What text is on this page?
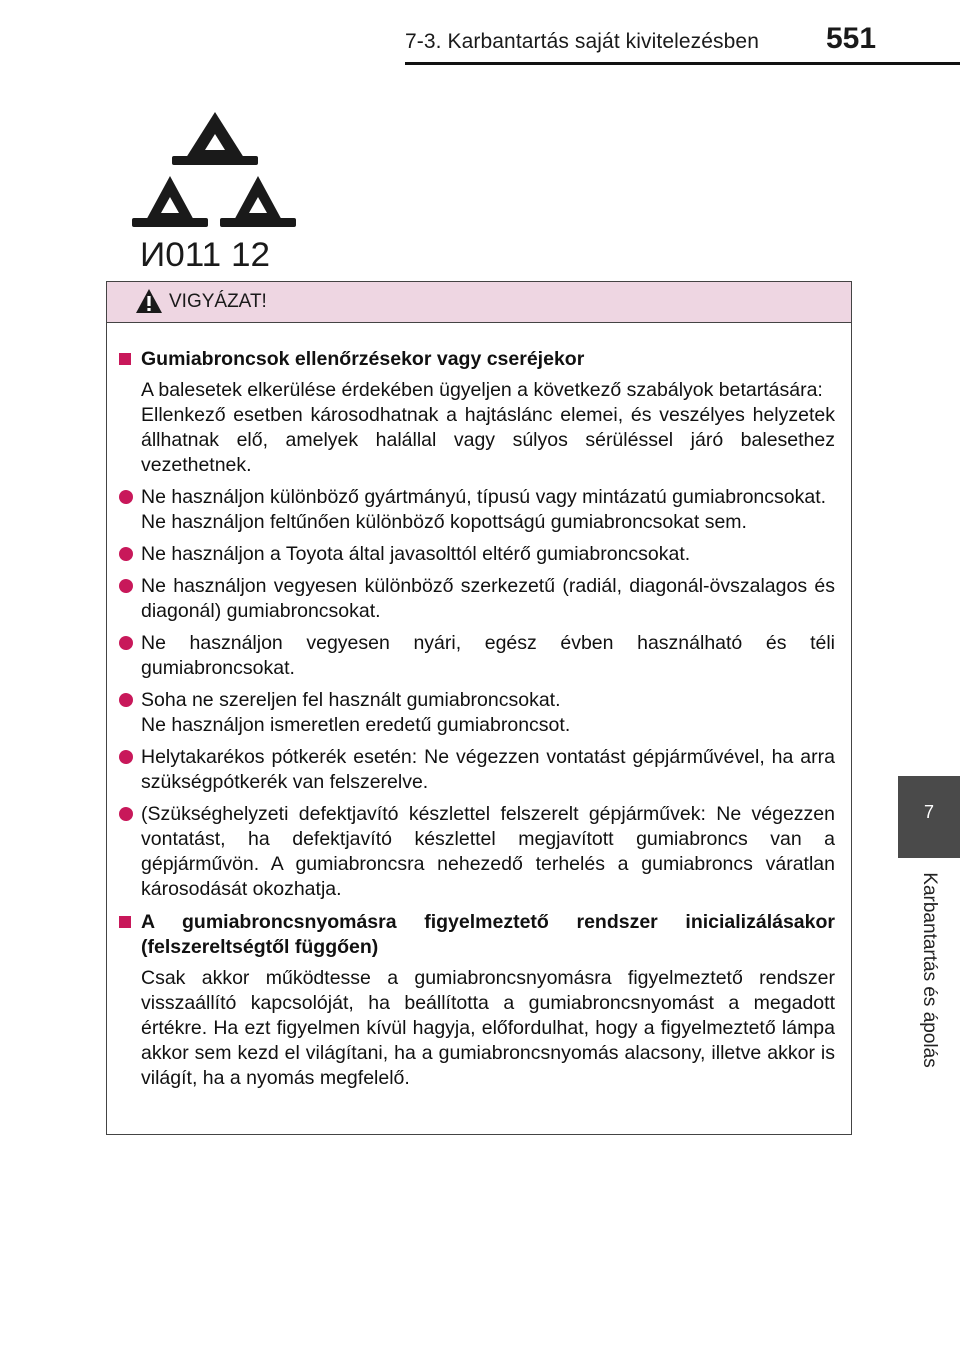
7-3. Karbantartás saját kivitelezésben 551
7
Karbantartás és ápolás
И011 12
VIGYÁZAT!
Gumiabroncsok ellenőrzésekor vagy cseréjekor
A balesetek elkerülése érdekében ügyeljen a következő szabályok betartására:
Ellenkező esetben károsodhatnak a hajtáslánc elemei, és veszélyes helyzetek állhatnak elő, amelyek halállal vagy súlyos sérüléssel járó balesethez vezethetnek.
Ne használjon különböző gyártmányú, típusú vagy mintázatú gumiabroncsokat.
Ne használjon feltűnően különböző kopottságú gumiabroncsokat sem.
Ne használjon a Toyota által javasolttól eltérő gumiabroncsokat.
Ne használjon vegyesen különböző szerkezetű (radiál, diagonál-övszalagos és diagonál) gumiabroncsokat.
Ne használjon vegyesen nyári, egész évben használható és téli gumiabroncsokat.
Soha ne szereljen fel használt gumiabroncsokat.
Ne használjon ismeretlen eredetű gumiabroncsot.
Helytakarékos pótkerék esetén: Ne végezzen vontatást gépjárművével, ha arra szükségpótkerék van felszerelve.
(Szükséghelyzeti defektjavító készlettel felszerelt gépjárművek: Ne végezzen vontatást, ha defektjavító készlettel megjavított gumiabroncs van a gépjárművön. A gumiabroncsra nehezedő terhelés a gumiabroncs váratlan károsodását okozhatja.
A gumiabroncsnyomásra figyelmeztető rendszer inicializálásakor (felszereltségtől függően)
Csak akkor működtesse a gumiabroncsnyomásra figyelmeztető rendszer visszaállító kapcsolóját, ha beállította a gumiabroncsnyomást a megadott értékre. Ha ezt figyelmen kívül hagyja, előfordulhat, hogy a figyelmeztető lámpa akkor sem kezd el világítani, ha a gumiabroncsnyomás alacsony, illetve akkor is világít, ha a nyomás megfelelő.
